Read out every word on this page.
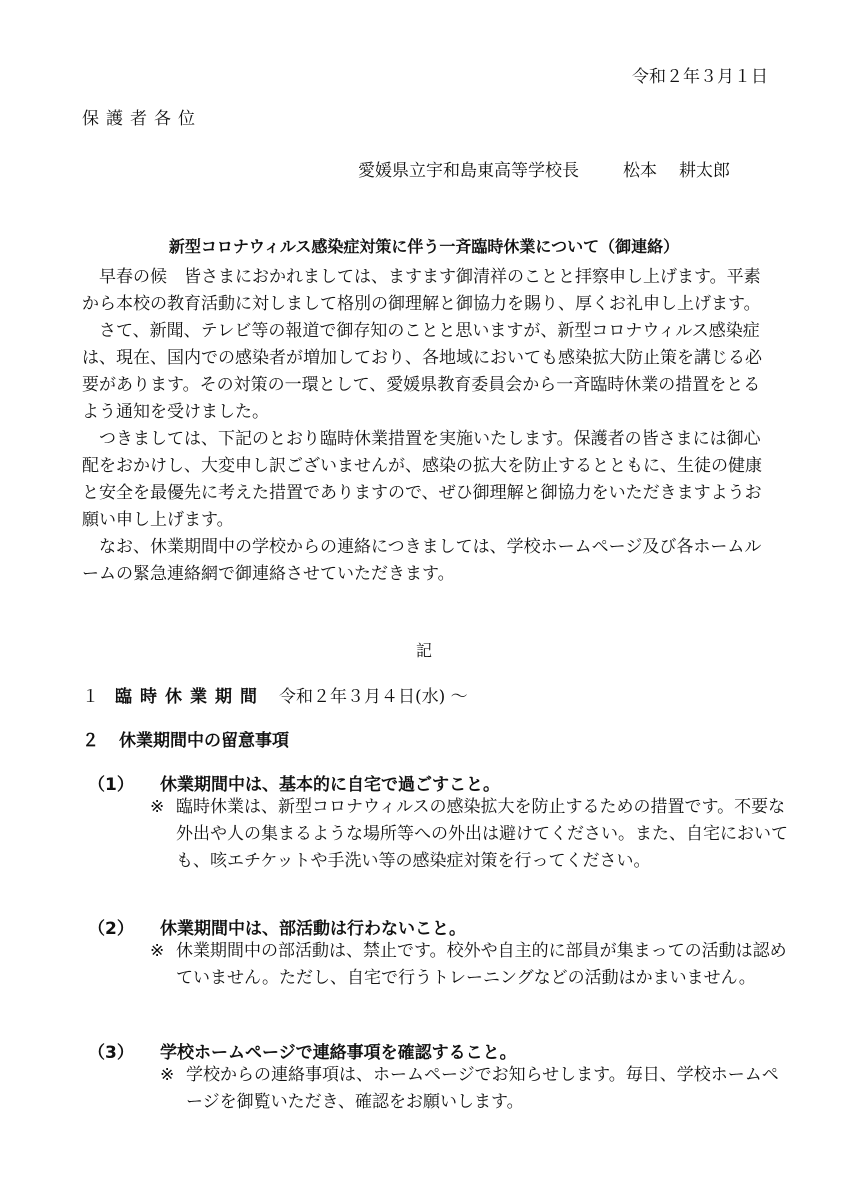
令和２年３月１日
保護者各位
愛媛県立宇和島東高等学校長	松本 耕太郎
新型コロナウィルス感染症対策に伴う一斉臨時休業について（御連絡）

早春の候　皆さまにおかれましては、ますます御清祥のことと拝察申し上げます。平素から本校の教育活動に対しまして格別の御理解と御協力を賜り、厚くお礼申し上げます。

さて、新聞、テレビ等の報道で御存知のことと思いますが、新型コロナウィルス感染症は、現在、国内での感染者が増加しており、各地域においても感染拡大防止策を講じる必要があります。その対策の一環として、愛媛県教育委員会から一斉臨時休業の措置をとるよう通知を受けました。

つきましては、下記のとおり臨時休業措置を実施いたします。保護者の皆さまには御心配をおかけし、大変申し訳ございませんが、感染の拡大を防止するとともに、生徒の健康と安全を最優先に考えた措置でありますので、ぜひ御理解と御協力をいただきますようお願い申し上げます。

なお、休業期間中の学校からの連絡につきましては、学校ホームページ及び各ホームルームの緊急連絡網で御連絡させていただきます。

記
１ 臨時休業期間 令和２年３月４日(水) ～
２ 休業期間中の留意事項
（1） 休業期間中は、基本的に自宅で過ごすこと。
※ 臨時休業は、新型コロナウィルスの感染拡大を防止するための措置です。不要な外出や人の集まるような場所等への外出は避けてください。また、自宅においても、咳エチケットや手洗い等の感染症対策を行ってください。
（2） 休業期間中は、部活動は行わないこと。
※ 休業期間中の部活動は、禁止です。校外や自主的に部員が集まっての活動は認めていません。ただし、自宅で行うトレーニングなどの活動はかまいません。
（3） 学校ホームページで連絡事項を確認すること。
※ 学校からの連絡事項は、ホームページでお知らせします。毎日、学校ホームページを御覧いただき、確認をお願いします。
